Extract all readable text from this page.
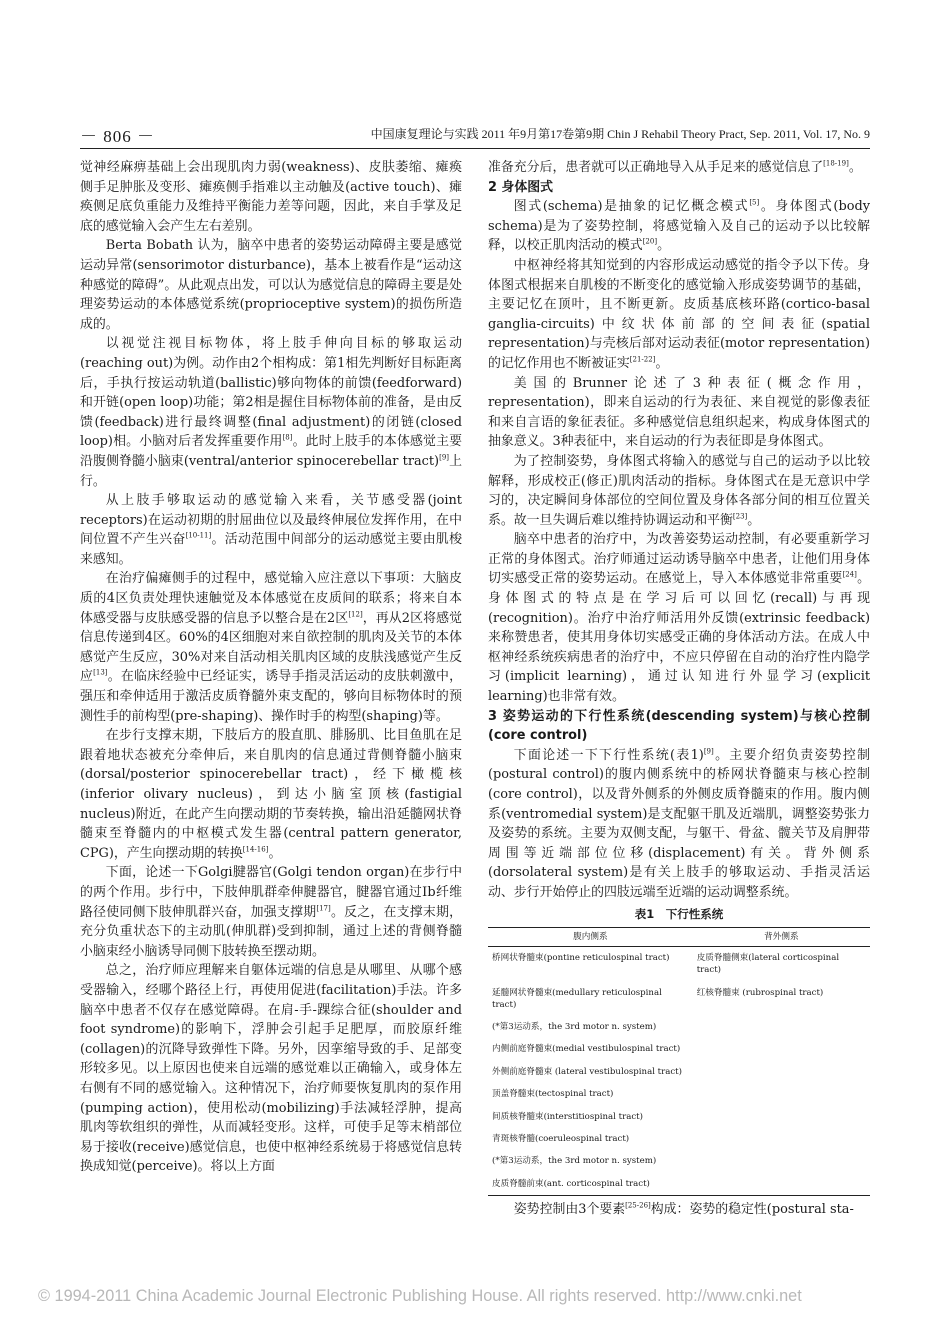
－ 806 －	中国康复理论与实践 2011 年9月第17卷第9期 Chin J Rehabil Theory Pract, Sep. 2011, Vol. 17, No. 9

觉神经麻痹基础上会出现肌肉力弱(weakness)、皮肤萎缩、瘫痪侧手足肿胀及变形、瘫痪侧手指难以主动触及(active touch)、瘫痪侧足底负重能力及维持平衡能力差等问题，因此，来自手掌及足底的感觉输入会产生左右差别。

Berta Bobath 认为，脑卒中患者的姿势运动障碍主要是感觉运动异常(sensorimotor disturbance)，基本上被看作是“运动这种感觉的障碍”。从此观点出发，可以认为感觉信息的障碍主要是处理姿势运动的本体感觉系统(proprioceptive system)的损伤所造成的。

以视觉注视目标物体，将上肢手伸向目标的够取运动(reaching out)为例。动作由2个相构成：第1相先判断好目标距离后，手执行按运动轨道(ballistic)够向物体的前馈(feedforward)和开链(open loop)功能；第2相是握住目标物体前的准备，是由反馈(feedback)进行最终调整(final adjustment)的闭链(closed loop)相。小脑对后者发挥重要作用[8]。此时上肢手的本体感觉主要沿腹侧脊髓小脑束(ventral/anterior spinocerebellar tract)[9]上行。

从上肢手够取运动的感觉输入来看，关节感受器(joint receptors)在运动初期的肘屈曲位以及最终伸展位发挥作用，在中间位置不产生兴奋[10-11]。活动范围中间部分的运动感觉主要由肌梭来感知。

在治疗偏瘫侧手的过程中，感觉输入应注意以下事项：大脑皮质的4区负责处理快速触觉及本体感觉在皮质间的联系；将来自本体感受器与皮肤感受器的信息予以整合是在2区[12]，再从2区将感觉信息传递到4区。60%的4区细胞对来自欲控制的肌肉及关节的本体感觉产生反应，30%对来自活动相关肌肉区域的皮肤浅感觉产生反应[13]。在临床经验中已经证实，诱导手指灵活运动的皮肤刺激中，强压和牵伸适用于激活皮质脊髓外束支配的，够向目标物体时的预测性手的前构型(pre-shaping)、操作时手的构型(shaping)等。

在步行支撑末期，下肢后方的股直肌、腓肠肌、比目鱼肌在足跟着地状态被充分牵伸后，来自肌肉的信息通过背侧脊髓小脑束(dorsal/posterior spinocerebellar tract)，经下橄榄核(inferior olivary nucleus)，到达小脑室顶核(fastigial nucleus)附近，在此产生向摆动期的节奏转换，输出沿延髓网状脊髓束至脊髓内的中枢模式发生器(central pattern generator, CPG)，产生向摆动期的转换[14-16]。

下面，论述一下Golgi腱器官(Golgi tendon organ)在步行中的两个作用。步行中，下肢伸肌群牵伸腱器官，腱器官通过Ⅰb纤维路径使同侧下肢伸肌群兴奋，加强支撑期[17]。反之，在支撑末期，充分负重状态下的主动肌(伸肌群)受到抑制，通过上述的背侧脊髓小脑束经小脑诱导同侧下肢转换至摆动期。

总之，治疗师应理解来自躯体远端的信息是从哪里、从哪个感受器输入，经哪个路径上行，再使用促进(facilitation)手法。许多脑卒中患者不仅存在感觉障碍。在肩-手-踝综合征(shoulder and foot syndrome)的影响下，浮肿会引起手足肥厚，而胶原纤维(collagen)的沉降导致弹性下降。另外，因挛缩导致的手、足部变形较多见。以上原因也使来自远端的感觉难以正确输入，或身体左右侧有不同的感觉输入。这种情况下，治疗师要恢复肌肉的泵作用(pumping action)，使用松动(mobilizing)手法减轻浮肿，提高肌肉等软组织的弹性，从而减轻变形。这样，可使手足等末梢部位易于接收(receive)感觉信息，也使中枢神经系统易于将感觉信息转换成知觉(perceive)。将以上方面

准备充分后，患者就可以正确地导入从手足来的感觉信息了[18-19]。

2 身体图式

图式(schema)是抽象的记忆概念模式[5]。身体图式(body schema)是为了姿势控制，将感觉输入及自己的运动予以比较解释，以校正肌肉活动的模式[20]。

中枢神经将其知觉到的内容形成运动感觉的指令予以下传。身体图式根据来自肌梭的不断变化的感觉输入形成姿势调节的基础，主要记忆在顶叶，且不断更新。皮质基底核环路(cortico-basal ganglia-circuits)中纹状体前部的空间表征(spatial representation)与壳核后部对运动表征(motor representation)的记忆作用也不断被证实[21-22]。

美国的Brunner论述了3种表征(概念作用，representation)，即来自运动的行为表征、来自视觉的影像表征和来自言语的象征表征。多种感觉信息组织起来，构成身体图式的抽象意义。3种表征中，来自运动的行为表征即是身体图式。

为了控制姿势，身体图式将输入的感觉与自己的运动予以比较解释，形成校正(修正)肌肉活动的指标。身体图式在是无意识中学习的，决定瞬间身体部位的空间位置及身体各部分间的相互位置关系。故一旦失调后难以维持协调运动和平衡[23]。

脑卒中患者的治疗中，为改善姿势运动控制，有必要重新学习正常的身体图式。治疗师通过运动诱导脑卒中患者，让他们用身体切实感受正常的姿势运动。在感觉上，导入本体感觉非常重要[24]。身体图式的特点是在学习后可以回忆(recall)与再现(recognition)。治疗中治疗师活用外反馈(extrinsic feedback)来称赞患者，使其用身体切实感受正确的身体活动方法。在成人中枢神经系统疾病患者的治疗中，不应只停留在自动的治疗性内隐学习(implicit learning)，通过认知进行外显学习(explicit learning)也非常有效。

3 姿势运动的下行性系统(descending system)与核心控制(core control)

下面论述一下下行性系统(表1)[9]。主要介绍负责姿势控制(postural control)的腹内侧系统中的桥网状脊髓束与核心控制(core control)，以及背外侧系的外侧皮质脊髓束的作用。腹内侧系(ventromedial system)是支配躯干肌及近端肌，调整姿势张力及姿势的系统。主要为双侧支配，与躯干、骨盆、髋关节及肩胛带周围等近端部位位移(displacement)有关。背外侧系(dorsolateral system)是有关上肢手的够取运动、手指灵活运动、步行开始停止的四肢远端至近端的运动调整系统。

表1　下行性系统
腹内侧系	背外侧系
桥网状脊髓束(pontine reticulospinal tract)	皮质脊髓侧束(lateral corticospinal tract)
延髓网状脊髓束(medullary reticulospinal tract)	红核脊髓束 (rubrospinal tract)
(*第3运动系，the 3rd motor n. system)	
内侧前庭脊髓束(medial vestibulospinal tract)	
外侧前庭脊髓束 (lateral vestibulospinal tract)	
顶盖脊髓束(tectospinal tract)	
间质核脊髓束(interstitiospinal tract)	
青斑核脊髓(coeruleospinal tract)	
(*第3运动系，the 3rd motor n. system)	
皮质脊髓前束(ant. corticospinal tract)	

姿势控制由3个要素[25-26]构成：姿势的稳定性(postural sta-

© 1994-2011 China Academic Journal Electronic Publishing House. All rights reserved. http://www.cnki.net
